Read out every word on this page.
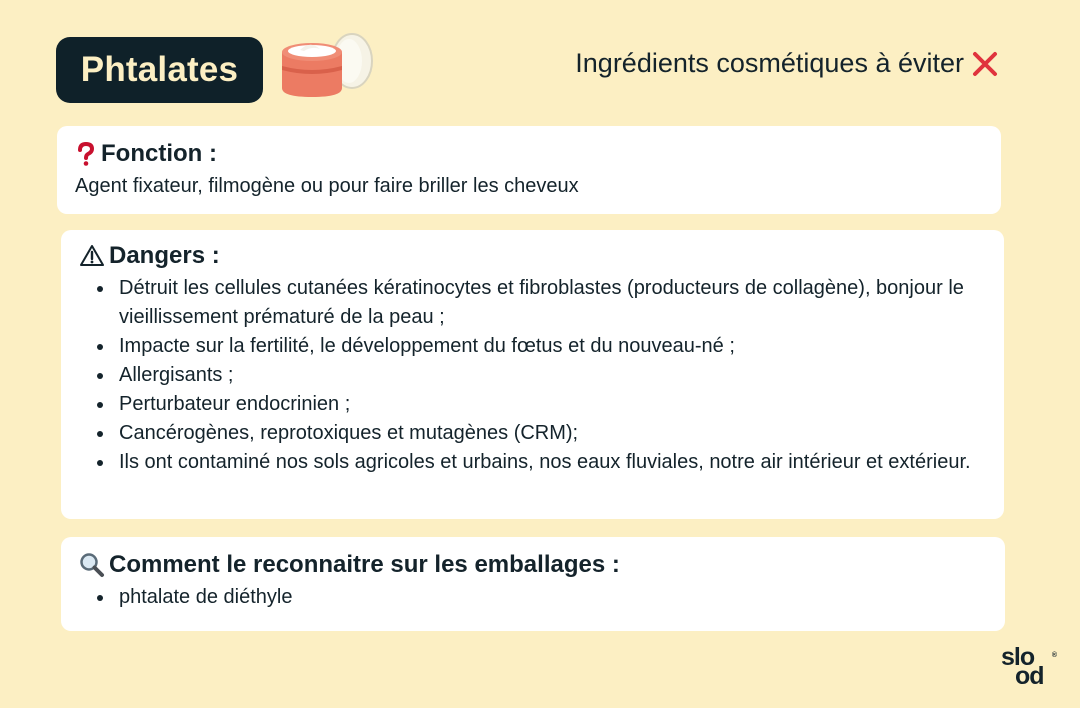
Phtalates	Ingrédients cosmétiques à éviter
Fonction :
Agent fixateur, filmogène ou pour faire briller les cheveux
Dangers :
• Détruit les cellules cutanées kératinocytes et fibroblastes (producteurs de collagène), bonjour le vieillissement prématuré de la peau ;
• Impacte sur la fertilité, le développement du fœtus et du nouveau-né ;
• Allergisants ;
• Perturbateur endocrinien ;
• Cancérogènes, reprotoxiques et mutagènes (CRM);
• Ils ont contaminé nos sols agricoles et urbains, nos eaux fluviales, notre air intérieur et extérieur.
Comment le reconnaitre sur les emballages :
• phtalate de diéthyle
slo
od
®
